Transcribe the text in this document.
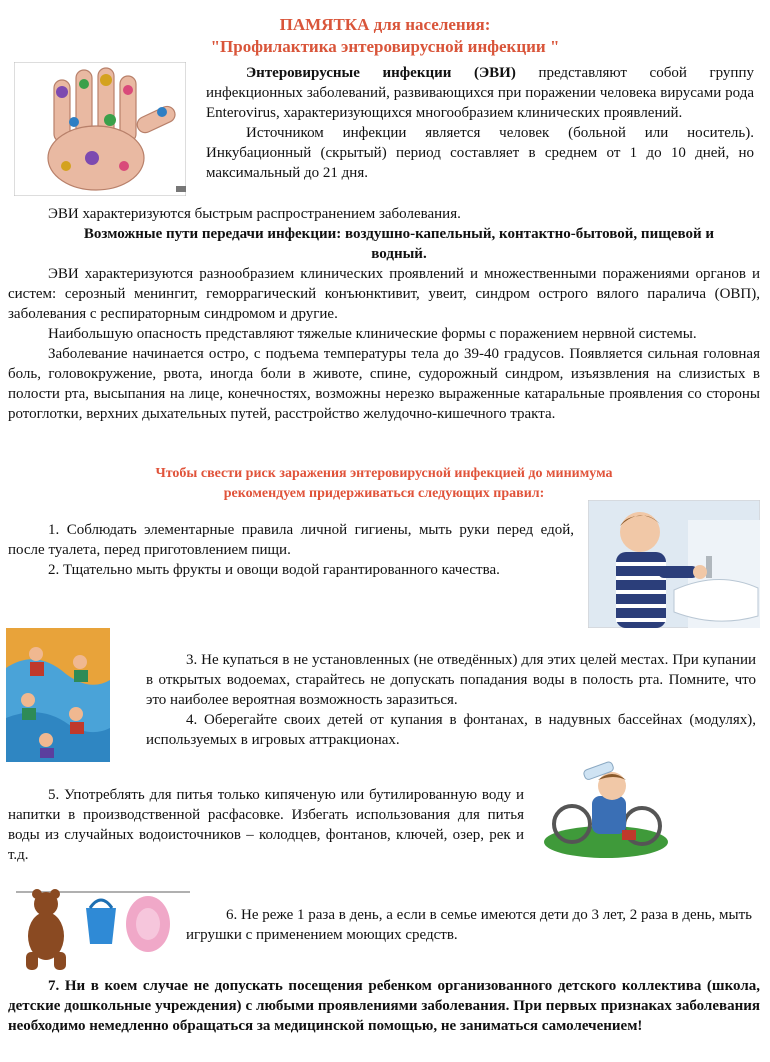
ПАМЯТКА для населения:
"Профилактика энтеровирусной инфекции "

Энтеровирусные инфекции (ЭВИ) представляют собой группу инфекционных заболеваний, развивающихся при поражении человека вирусами рода Enterovirus, характеризующихся многообразием клинических проявлений.

Источником инфекции является человек (больной или носитель). Инкубационный (скрытый) период составляет в среднем от 1 до 10 дней, но максимальный до 21 дня.

ЭВИ характеризуются быстрым распространением заболевания.

Возможные пути передачи инфекции: воздушно-капельный, контактно-бытовой, пищевой и водный.

ЭВИ характеризуются разнообразием клинических проявлений и множественными поражениями органов и систем: серозный менингит, геморрагический конъюнктивит, увеит, синдром острого вялого паралича (ОВП), заболевания с респираторным синдромом и другие.

Наибольшую опасность представляют тяжелые клинические формы с поражением нервной системы.

Заболевание начинается остро, с подъема температуры тела до 39-40 градусов. Появляется сильная головная боль, головокружение, рвота, иногда боли в животе, спине, судорожный синдром, изъязвления на слизистых в полости рта, высыпания на лице, конечностях, возможны нерезко выраженные катаральные проявления со стороны ротоглотки, верхних дыхательных путей, расстройство желудочно-кишечного тракта.

Чтобы свести риск заражения энтеровирусной инфекцией до минимума

рекомендуем придерживаться следующих правил:

1. Соблюдать элементарные правила личной гигиены, мыть руки перед едой, после туалета, перед приготовлением пищи.

2. Тщательно мыть фрукты и овощи водой гарантированного качества.

3. Не купаться в не установленных (не отведённых) для этих целей местах. При купании в открытых водоемах, старайтесь не допускать попадания воды в полость рта. Помните, что это наиболее вероятная возможность заразиться.

4. Оберегайте своих детей от купания в фонтанах, в надувных бассейнах (модулях), используемых в игровых аттракционах.

5. Употреблять для питья только кипяченую или бутилированную воду и напитки в производственной расфасовке. Избегать использования для питья воды из случайных водоисточников – колодцев, фонтанов, ключей, озер, рек и т.д.

6. Не реже 1 раза в день, а если в семье имеются дети до 3 лет, 2 раза в день, мыть игрушки с применением моющих средств.

7. Ни в коем случае не допускать посещения ребенком организованного детского коллектива (школа, детские дошкольные учреждения) с любыми проявлениями заболевания. При первых признаках заболевания необходимо немедленно обращаться за медицинской помощью, не заниматься самолечением!
